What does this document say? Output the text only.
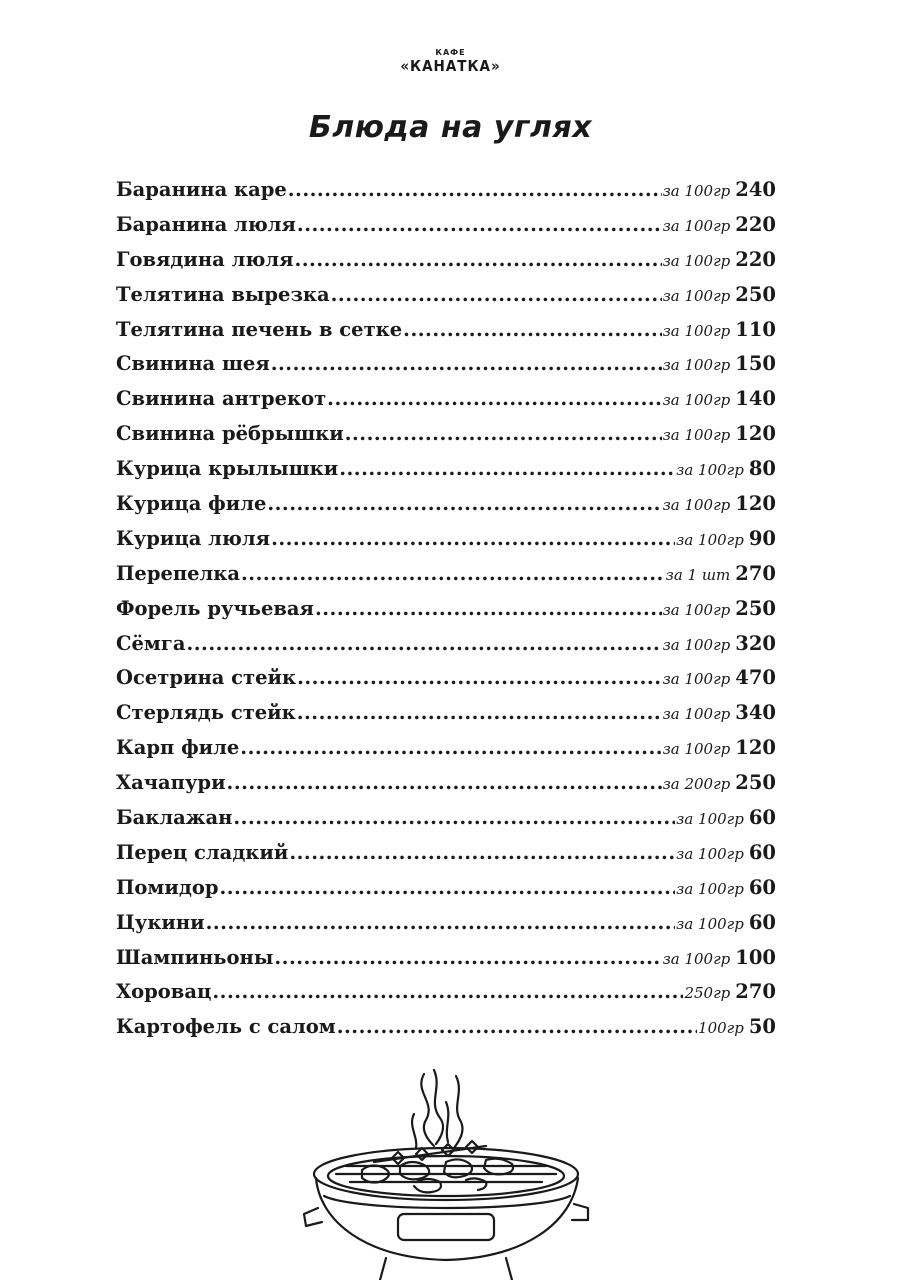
КАФЕ
«КАНАТКА»
Блюда на углях
Баранина каре .....	за 100гр 240
Баранина люля .....	за 100гр 220
Говядина люля .....	за 100гр 220
Телятина вырезка .....	за 100гр 250
Телятина печень в сетке .....	за 100гр 110
Свинина шея .....	за 100гр 150
Свинина антрекот .....	за 100гр 140
Свинина рёбрышки .....	за 100гр 120
Курица крылышки .....	за 100гр 80
Курица филе .....	за 100гр 120
Курица люля .....	за 100гр 90
Перепелка .....	за 1 шт 270
Форель ручьевая .....	за 100гр 250
Сёмга .....	за 100гр 320
Осетрина стейк .....	за 100гр 470
Стерлядь стейк .....	за 100гр 340
Карп филе .....	за 100гр 120
Хачапури .....	за 200гр 250
Баклажан .....	за 100гр 60
Перец сладкий .....	за 100гр 60
Помидор .....	за 100гр 60
Цукини .....	за 100гр 60
Шампиньоны .....	за 100гр 100
Хоровац .....	250гр 270
Картофель с салом .....	100гр 50
